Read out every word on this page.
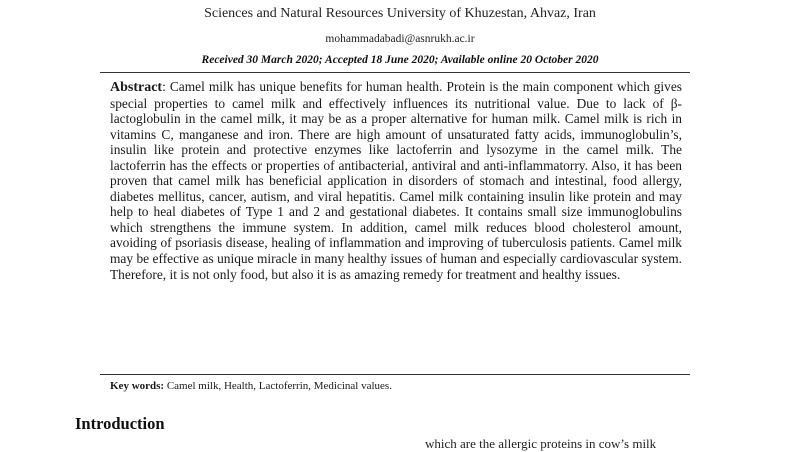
Sciences and Natural Resources University of Khuzestan, Ahvaz, Iran
mohammadabadi@asnrukh.ac.ir
Received 30 March 2020; Accepted 18 June 2020; Available online 20 October 2020

Abstract: Camel milk has unique benefits for human health. Protein is the main component which gives special properties to camel milk and effectively influences its nutritional value. Due to lack of β-lactoglobulin in the camel milk, it may be as a proper alternative for human milk. Camel milk is rich in vitamins C, manganese and iron. There are high amount of unsaturated fatty acids, immunoglobulin’s, insulin like protein and protective enzymes like lactoferrin and lysozyme in the camel milk. The lactoferrin has the effects or properties of antibacterial, antiviral and anti-inflammatorry. Also, it has been proven that camel milk has beneficial application in disorders of stomach and intestinal, food allergy, diabetes mellitus, cancer, autism, and viral hepatitis. Camel milk containing insulin like protein and may help to heal diabetes of Type 1 and 2 and gestational diabetes. It contains small size immunoglobulins which strengthens the immune system. In addition, camel milk reduces blood cholesterol amount, avoiding of psoriasis disease, healing of inflammation and improving of tuberculosis patients. Camel milk may be effective as unique miracle in many healthy issues of human and especially cardiovascular system. Therefore, it is not only food, but also it is as amazing remedy for treatment and healthy issues.

Key words: Camel milk, Health, Lactoferrin, Medicinal values.
Introduction
which are the allergic proteins in cow’s milk
